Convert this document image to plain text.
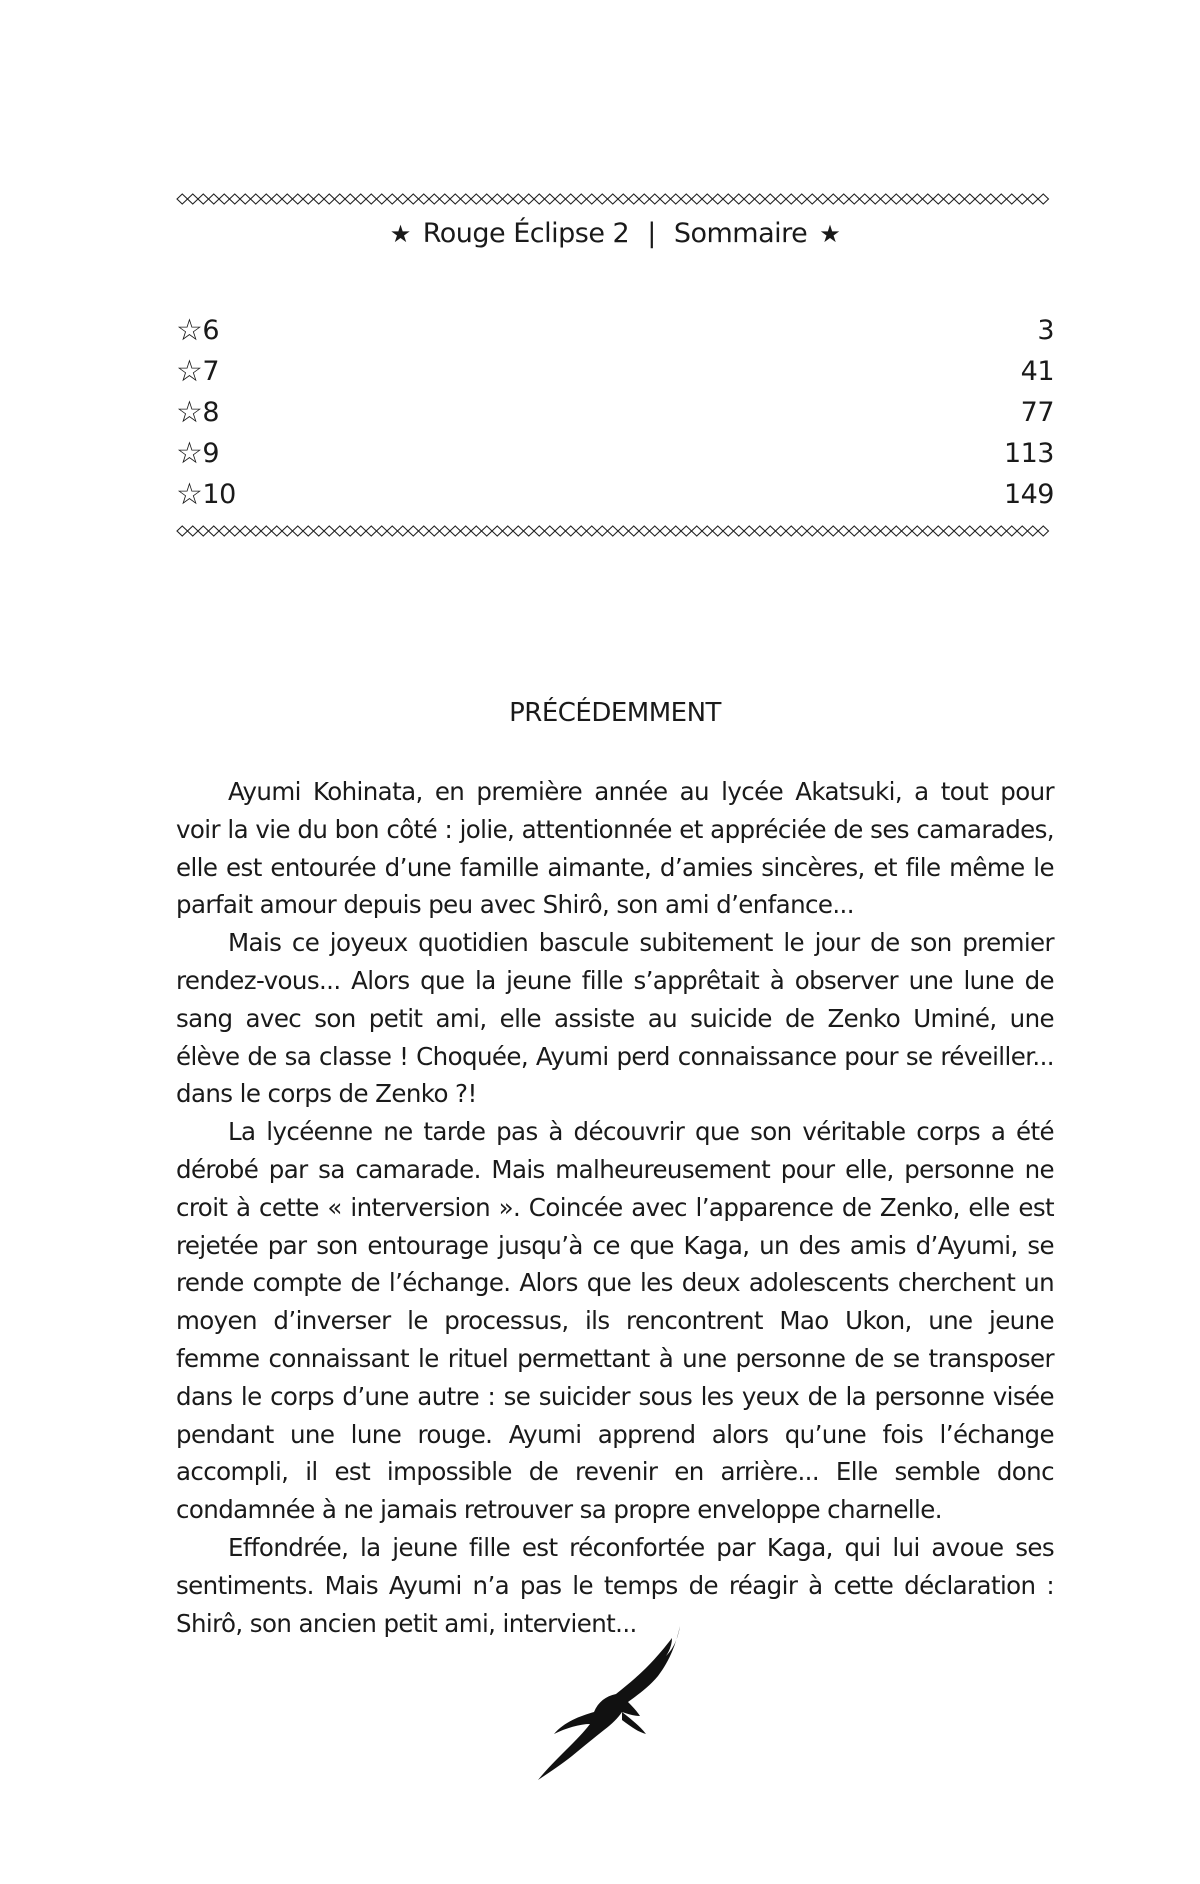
★ Rouge Éclipse 2 | Sommaire ★
☆ 6	3
☆ 7	41
☆ 8	77
☆ 9	113
☆ 10	149
PRÉCÉDEMMENT

Ayumi Kohinata, en première année au lycée Akatsuki, a tout pour voir la vie du bon côté : jolie, attentionnée et appréciée de ses camarades, elle est entourée d’une famille aimante, d’amies sincères, et file même le parfait amour depuis peu avec Shirô, son ami d’enfance...

Mais ce joyeux quotidien bascule subitement le jour de son premier rendez-vous... Alors que la jeune fille s’apprêtait à observer une lune de sang avec son petit ami, elle assiste au suicide de Zenko Uminé, une élève de sa classe ! Choquée, Ayumi perd connaissance pour se réveiller... dans le corps de Zenko ?!

La lycéenne ne tarde pas à découvrir que son véritable corps a été dérobé par sa camarade. Mais malheureusement pour elle, personne ne croit à cette « interversion ». Coincée avec l’apparence de Zenko, elle est rejetée par son entourage jusqu’à ce que Kaga, un des amis d’Ayumi, se rende compte de l’échange. Alors que les deux adolescents cherchent un moyen d’inverser le processus, ils rencontrent Mao Ukon, une jeune femme connaissant le rituel permettant à une personne de se transposer dans le corps d’une autre : se suicider sous les yeux de la personne visée pendant une lune rouge. Ayumi apprend alors qu’une fois l’échange accompli, il est impossible de revenir en arrière... Elle semble donc condamnée à ne jamais retrouver sa propre enveloppe charnelle.

Effondrée, la jeune fille est réconfortée par Kaga, qui lui avoue ses sentiments. Mais Ayumi n’a pas le temps de réagir à cette déclaration : Shirô, son ancien petit ami, intervient...
